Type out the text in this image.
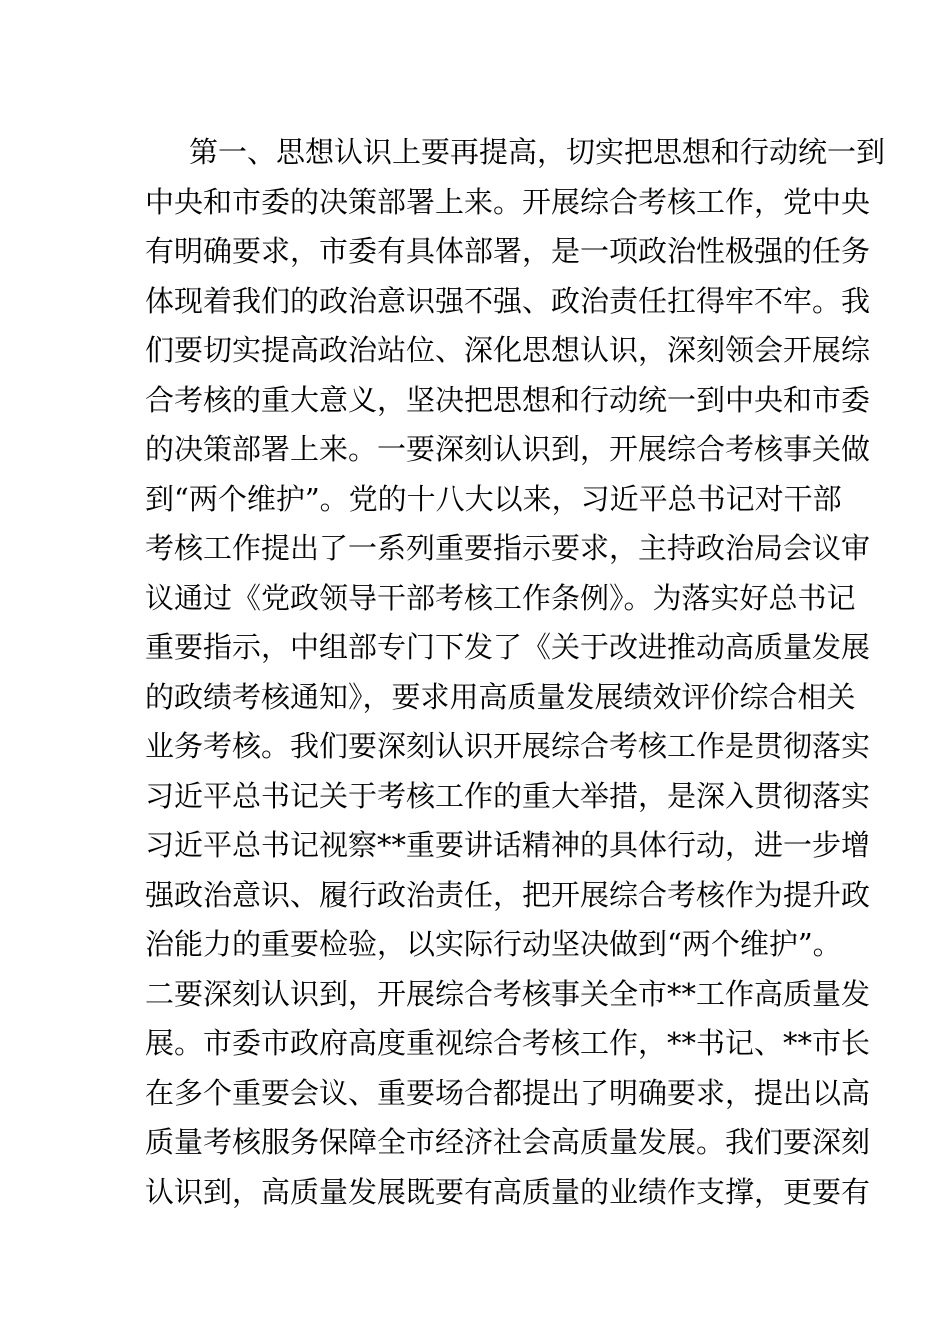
第一、思想认识上要再提高，切实把思想和行动统一到
中央和市委的决策部署上来。开展综合考核工作，党中央
有明确要求，市委有具体部署，是一项政治性极强的任务
体现着我们的政治意识强不强、政治责任扛得牢不牢。我
们要切实提高政治站位、深化思想认识，深刻领会开展综
合考核的重大意义，坚决把思想和行动统一到中央和市委
的决策部署上来。一要深刻认识到，开展综合考核事关做
到“两个维护”。党的十八大以来，习近平总书记对干部
考核工作提出了一系列重要指示要求，主持政治局会议审
议通过《党政领导干部考核工作条例》。为落实好总书记
重要指示，中组部专门下发了《关于改进推动高质量发展
的政绩考核通知》，要求用高质量发展绩效评价综合相关
业务考核。我们要深刻认识开展综合考核工作是贯彻落实
习近平总书记关于考核工作的重大举措，是深入贯彻落实
习近平总书记视察**重要讲话精神的具体行动，进一步增
强政治意识、履行政治责任，把开展综合考核作为提升政
治能力的重要检验，以实际行动坚决做到“两个维护”。
二要深刻认识到，开展综合考核事关全市**工作高质量发
展。市委市政府高度重视综合考核工作，**书记、**市长
在多个重要会议、重要场合都提出了明确要求，提出以高
质量考核服务保障全市经济社会高质量发展。我们要深刻
认识到，高质量发展既要有高质量的业绩作支撑，更要有
